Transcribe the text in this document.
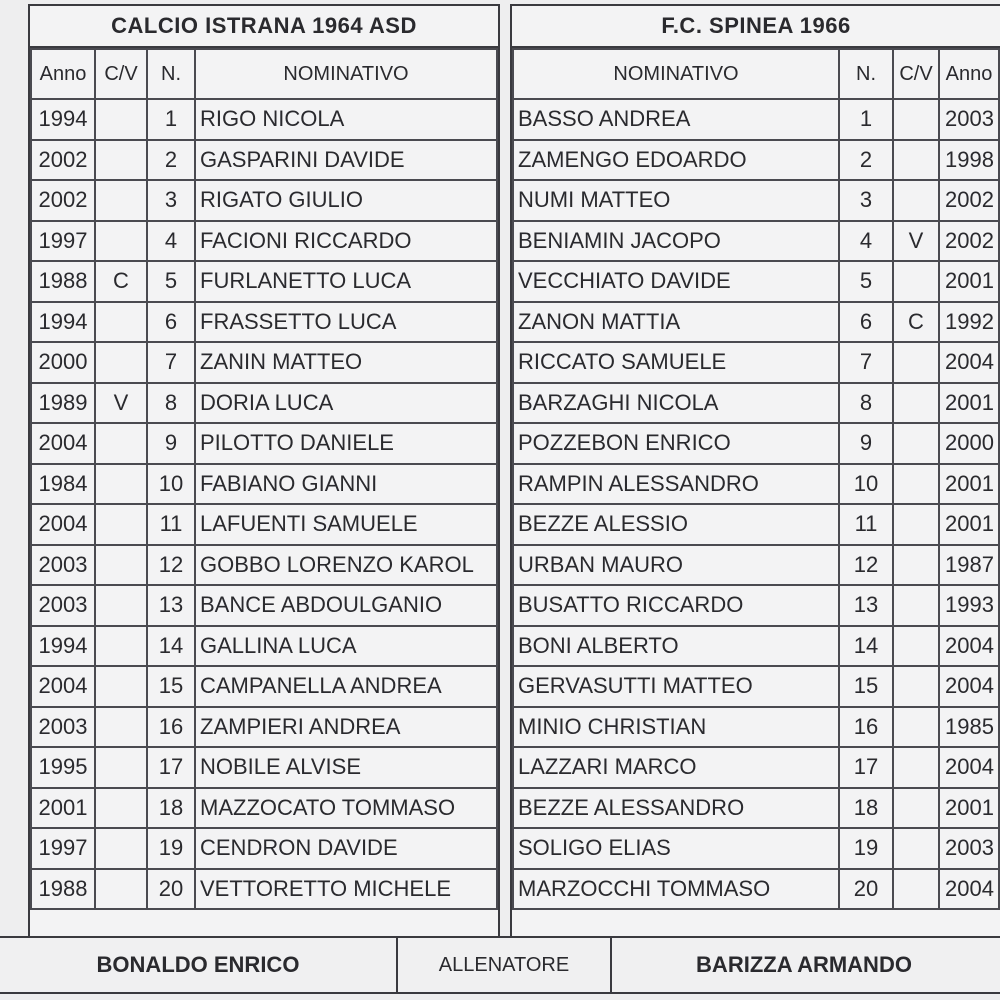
CALCIO ISTRANA 1964 ASD
Anno	C/V	N.	NOMINATIVO
1994		1	RIGO NICOLA
2002		2	GASPARINI DAVIDE
2002		3	RIGATO GIULIO
1997		4	FACIONI RICCARDO
1988	C	5	FURLANETTO LUCA
1994		6	FRASSETTO LUCA
2000		7	ZANIN MATTEO
1989	V	8	DORIA LUCA
2004		9	PILOTTO DANIELE
1984		10	FABIANO GIANNI
2004		11	LAFUENTI SAMUELE
2003		12	GOBBO LORENZO KAROL
2003		13	BANCE ABDOULGANIO
1994		14	GALLINA LUCA
2004		15	CAMPANELLA ANDREA
2003		16	ZAMPIERI ANDREA
1995		17	NOBILE ALVISE
2001		18	MAZZOCATO TOMMASO
1997		19	CENDRON DAVIDE
1988		20	VETTORETTO MICHELE
F.C. SPINEA 1966
NOMINATIVO	N.	C/V	Anno
BASSO ANDREA	1		2003
ZAMENGO EDOARDO	2		1998
NUMI MATTEO	3		2002
BENIAMIN JACOPO	4	V	2002
VECCHIATO DAVIDE	5		2001
ZANON MATTIA	6	C	1992
RICCATO SAMUELE	7		2004
BARZAGHI NICOLA	8		2001
POZZEBON ENRICO	9		2000
RAMPIN ALESSANDRO	10		2001
BEZZE ALESSIO	11		2001
URBAN MAURO	12		1987
BUSATTO RICCARDO	13		1993
BONI ALBERTO	14		2004
GERVASUTTI MATTEO	15		2004
MINIO CHRISTIAN	16		1985
LAZZARI MARCO	17		2004
BEZZE ALESSANDRO	18		2001
SOLIGO ELIAS	19		2003
MARZOCCHI TOMMASO	20		2004
BONALDO ENRICO	ALLENATORE	BARIZZA ARMANDO
